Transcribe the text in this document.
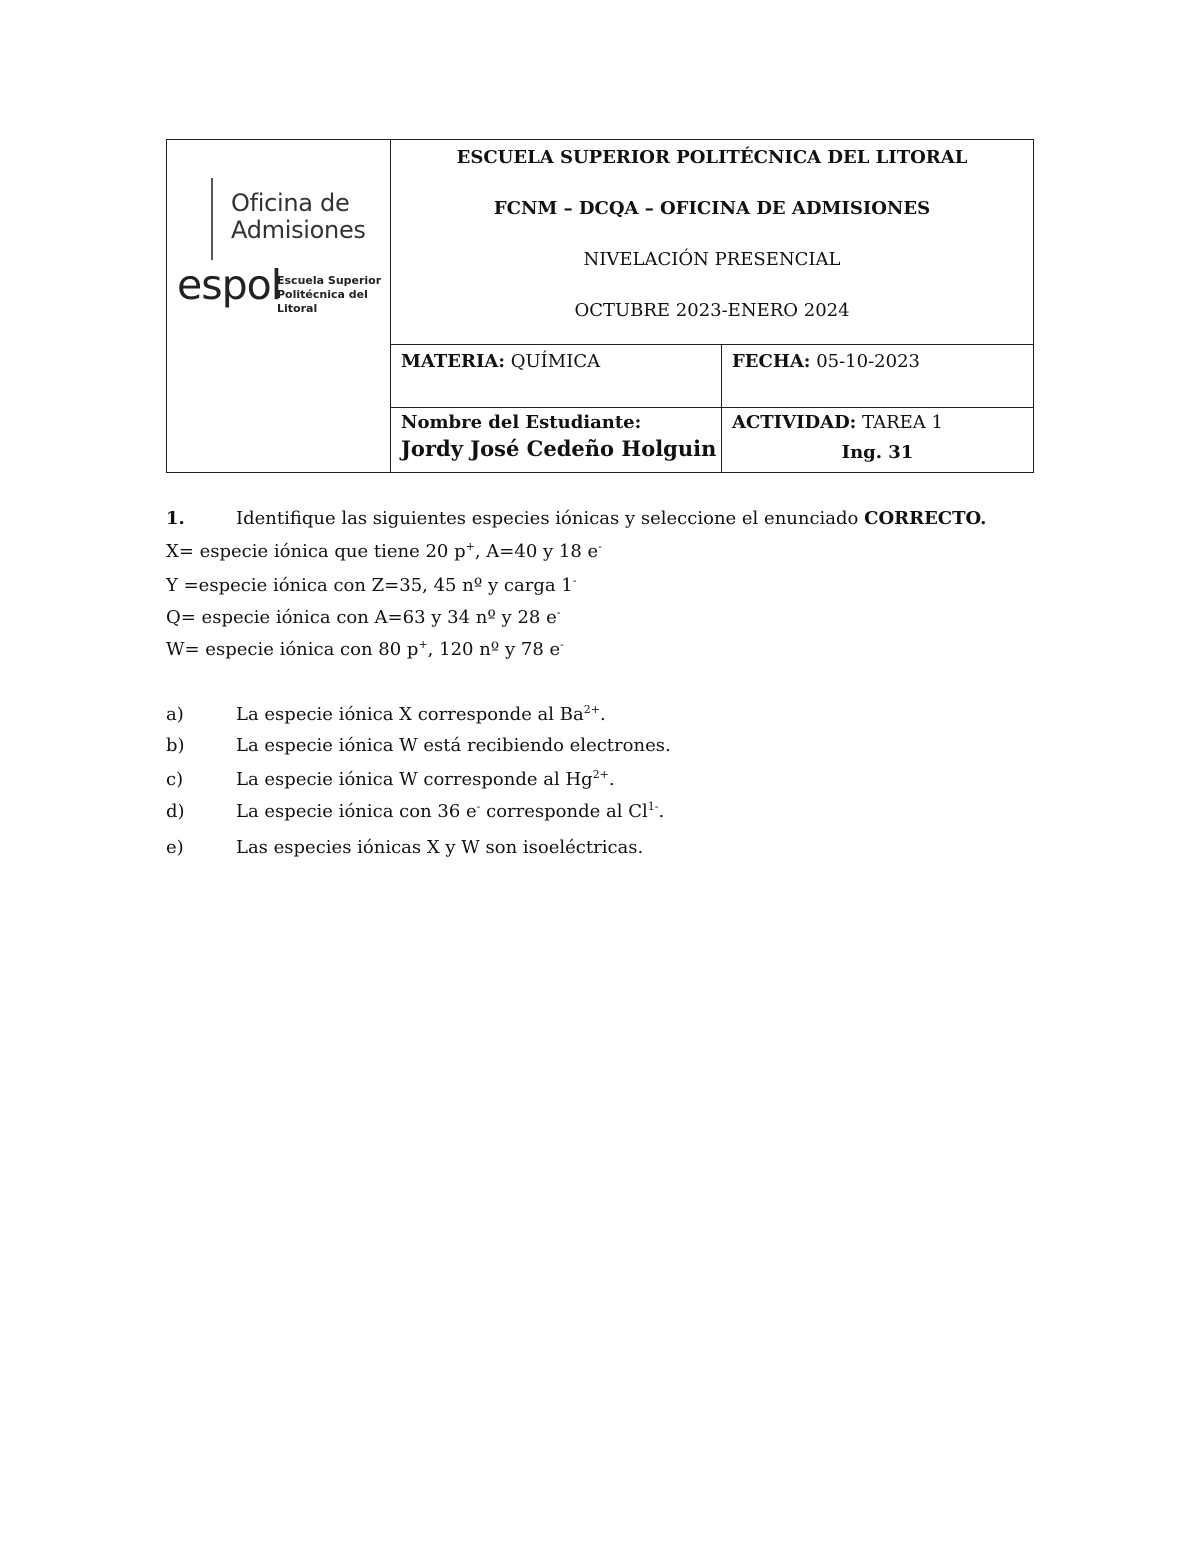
Oficina de
Admisiones
espol
Escuela Superior
Politécnica del Litoral
ESCUELA SUPERIOR POLITÉCNICA DEL LITORAL
FCNM – DCQA – OFICINA DE ADMISIONES
NIVELACIÓN PRESENCIAL
OCTUBRE 2023-ENERO 2024
MATERIA: QUÍMICA	FECHA: 05-10-2023
Nombre del Estudiante:
Jordy José Cedeño Holguin
ACTIVIDAD: TAREA 1
Ing. 31
1.	Identifique las siguientes especies iónicas y seleccione el enunciado CORRECTO.
X= especie iónica que tiene 20 p+, A=40 y 18 e-
Y =especie iónica con Z=35, 45 nº y carga 1-
Q= especie iónica con A=63 y 34 nº y 28 e-
W= especie iónica con 80 p+, 120 nº y 78 e-
a)	La especie iónica X corresponde al $Ba^{2+}$.
b)	La especie iónica W está recibiendo electrones.
c)	La especie iónica W corresponde al $Hg^{2+}$.
d)	La especie iónica con 36 e- corresponde al $Cl^{1-}$.
e)	Las especies iónicas X y W son isoeléctricas.
